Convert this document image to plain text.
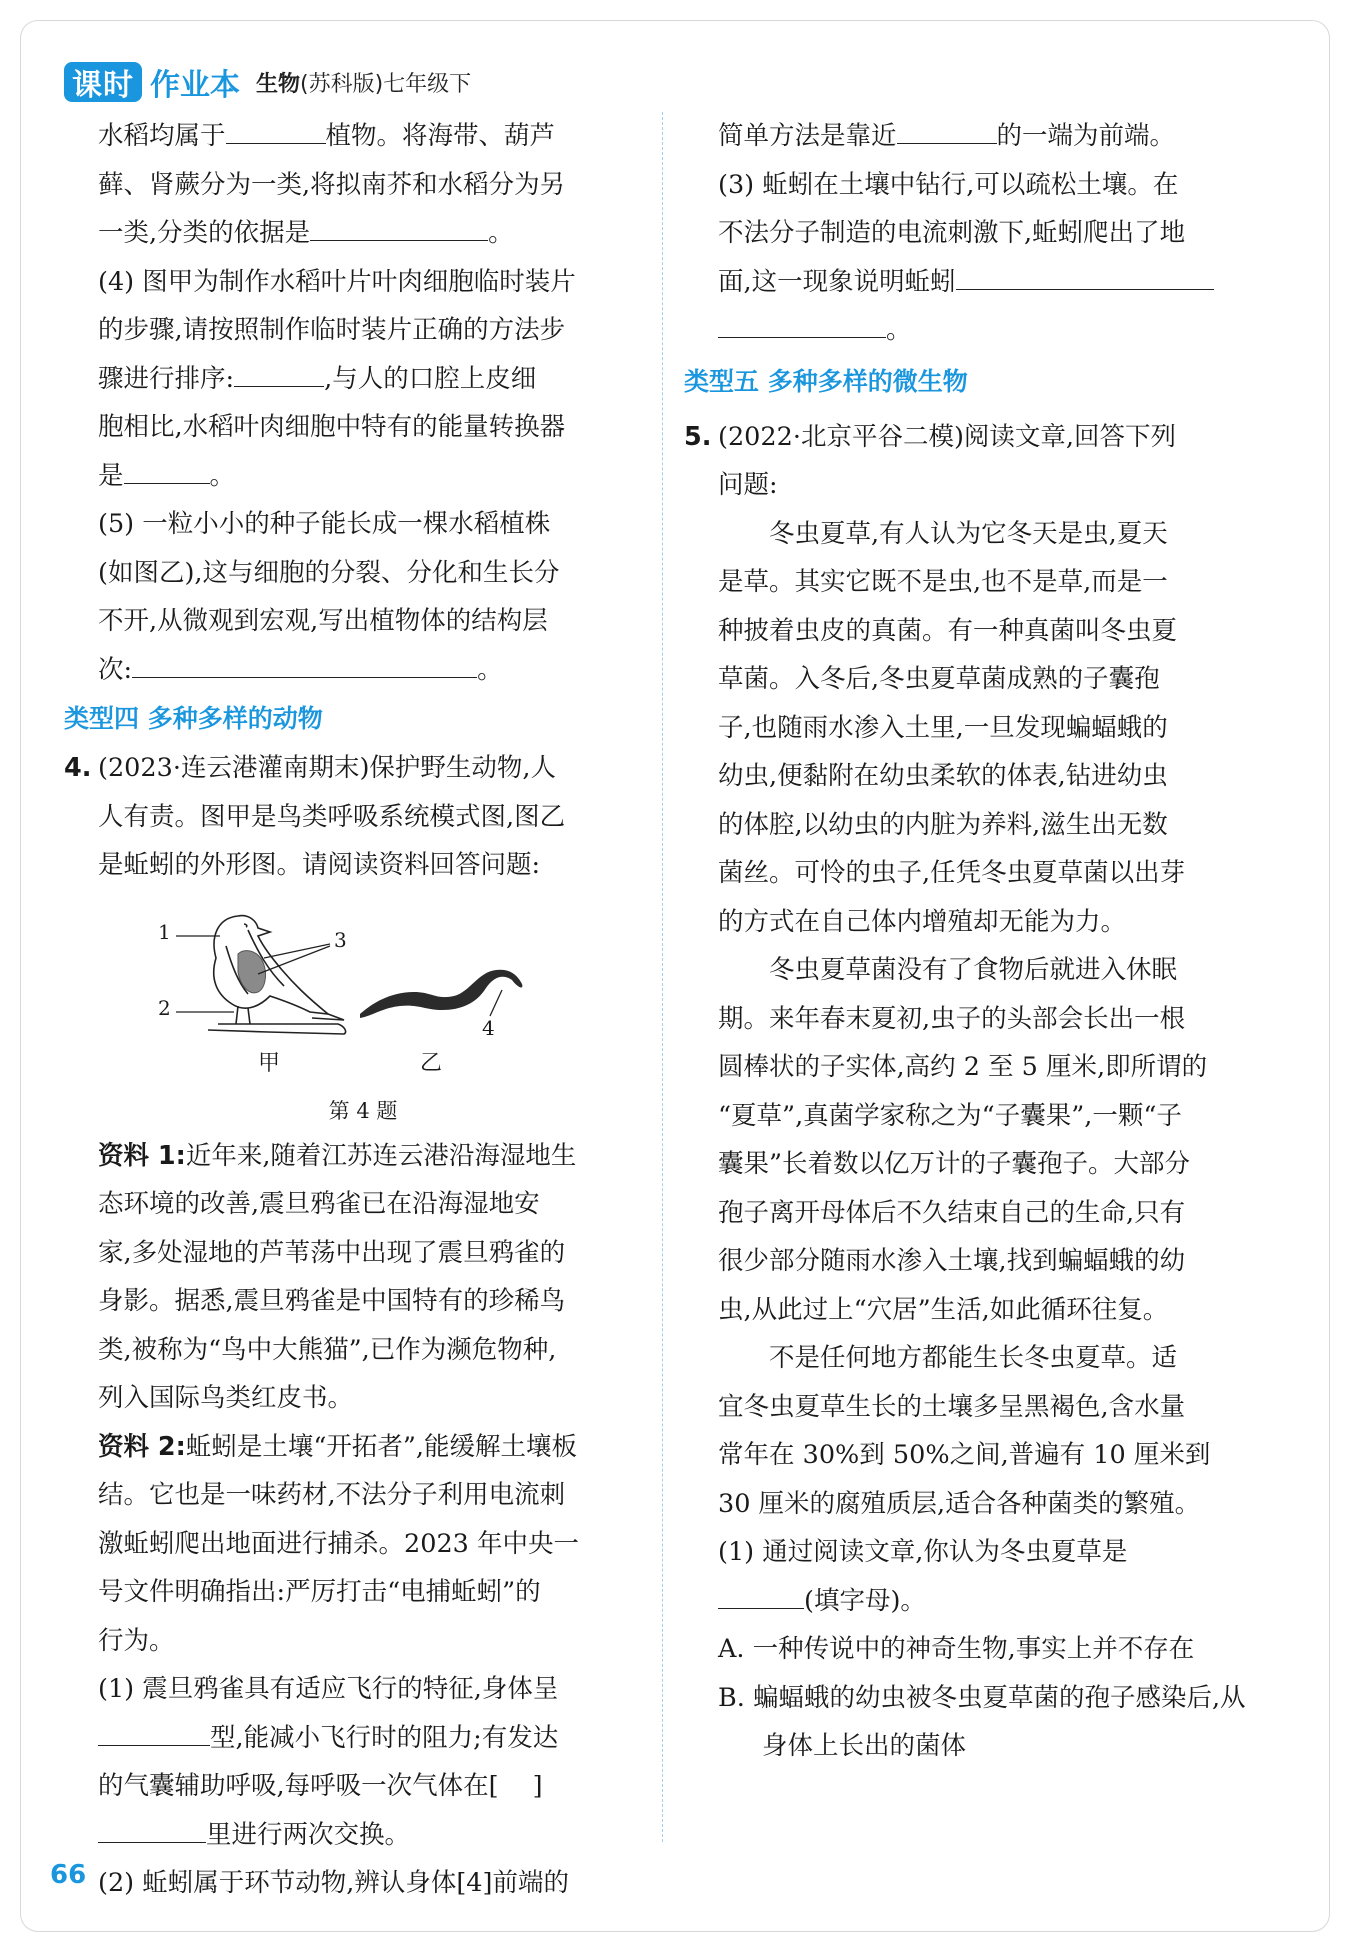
课时 作业本 生物(苏科版)七年级下

水稻均属于	植物。将海带、葫芦

藓、肾蕨分为一类,将拟南芥和水稻分为另

一类,分类的依据是	。

(4) 图甲为制作水稻叶片叶肉细胞临时装片

的步骤,请按照制作临时装片正确的方法步

骤进行排序:	,与人的口腔上皮细

胞相比,水稻叶肉细胞中特有的能量转换器

是	。

(5) 一粒小小的种子能长成一棵水稻植株

(如图乙),这与细胞的分裂、分化和生长分

不开,从微观到宏观,写出植物体的结构层

次:	。

类型四 多种多样的动物

4. (2023·连云港灌南期末)保护野生动物,人

人有责。图甲是鸟类呼吸系统模式图,图乙

是蚯蚓的外形图。请阅读资料回答问题:

1
2
3
4
甲	乙
第 4 题

资料 1:近年来,随着江苏连云港沿海湿地生

态环境的改善,震旦鸦雀已在沿海湿地安

家,多处湿地的芦苇荡中出现了震旦鸦雀的

身影。据悉,震旦鸦雀是中国特有的珍稀鸟

类,被称为“鸟中大熊猫”,已作为濒危物种,

列入国际鸟类红皮书。

资料 2:蚯蚓是土壤“开拓者”,能缓解土壤板

结。它也是一味药材,不法分子利用电流刺

激蚯蚓爬出地面进行捕杀。2023 年中央一

号文件明确指出:严厉打击“电捕蚯蚓”的

行为。

(1) 震旦鸦雀具有适应飞行的特征,身体呈

型,能减小飞行时的阻力;有发达

的气囊辅助呼吸,每呼吸一次气体在[ ]

里进行两次交换。

(2) 蚯蚓属于环节动物,辨认身体[4]前端的

简单方法是靠近	的一端为前端。

(3) 蚯蚓在土壤中钻行,可以疏松土壤。在

不法分子制造的电流刺激下,蚯蚓爬出了地

面,这一现象说明蚯蚓

。

类型五 多种多样的微生物

5. (2022·北京平谷二模)阅读文章,回答下列

问题:

冬虫夏草,有人认为它冬天是虫,夏天

是草。其实它既不是虫,也不是草,而是一

种披着虫皮的真菌。有一种真菌叫冬虫夏

草菌。入冬后,冬虫夏草菌成熟的子囊孢

子,也随雨水渗入土里,一旦发现蝙蝠蛾的

幼虫,便黏附在幼虫柔软的体表,钻进幼虫

的体腔,以幼虫的内脏为养料,滋生出无数

菌丝。可怜的虫子,任凭冬虫夏草菌以出芽

的方式在自己体内增殖却无能为力。

冬虫夏草菌没有了食物后就进入休眠

期。来年春末夏初,虫子的头部会长出一根

圆棒状的子实体,高约 2 至 5 厘米,即所谓的

“夏草”,真菌学家称之为“子囊果”,一颗“子

囊果”长着数以亿万计的子囊孢子。大部分

孢子离开母体后不久结束自己的生命,只有

很少部分随雨水渗入土壤,找到蝙蝠蛾的幼

虫,从此过上“穴居”生活,如此循环往复。

不是任何地方都能生长冬虫夏草。适

宜冬虫夏草生长的土壤多呈黑褐色,含水量

常年在 30%到 50%之间,普遍有 10 厘米到

30 厘米的腐殖质层,适合各种菌类的繁殖。

(1) 通过阅读文章,你认为冬虫夏草是

(填字母)。

A. 一种传说中的神奇生物,事实上并不存在

B. 蝙蝠蛾的幼虫被冬虫夏草菌的孢子感染后,从身体上长出的菌体

66
